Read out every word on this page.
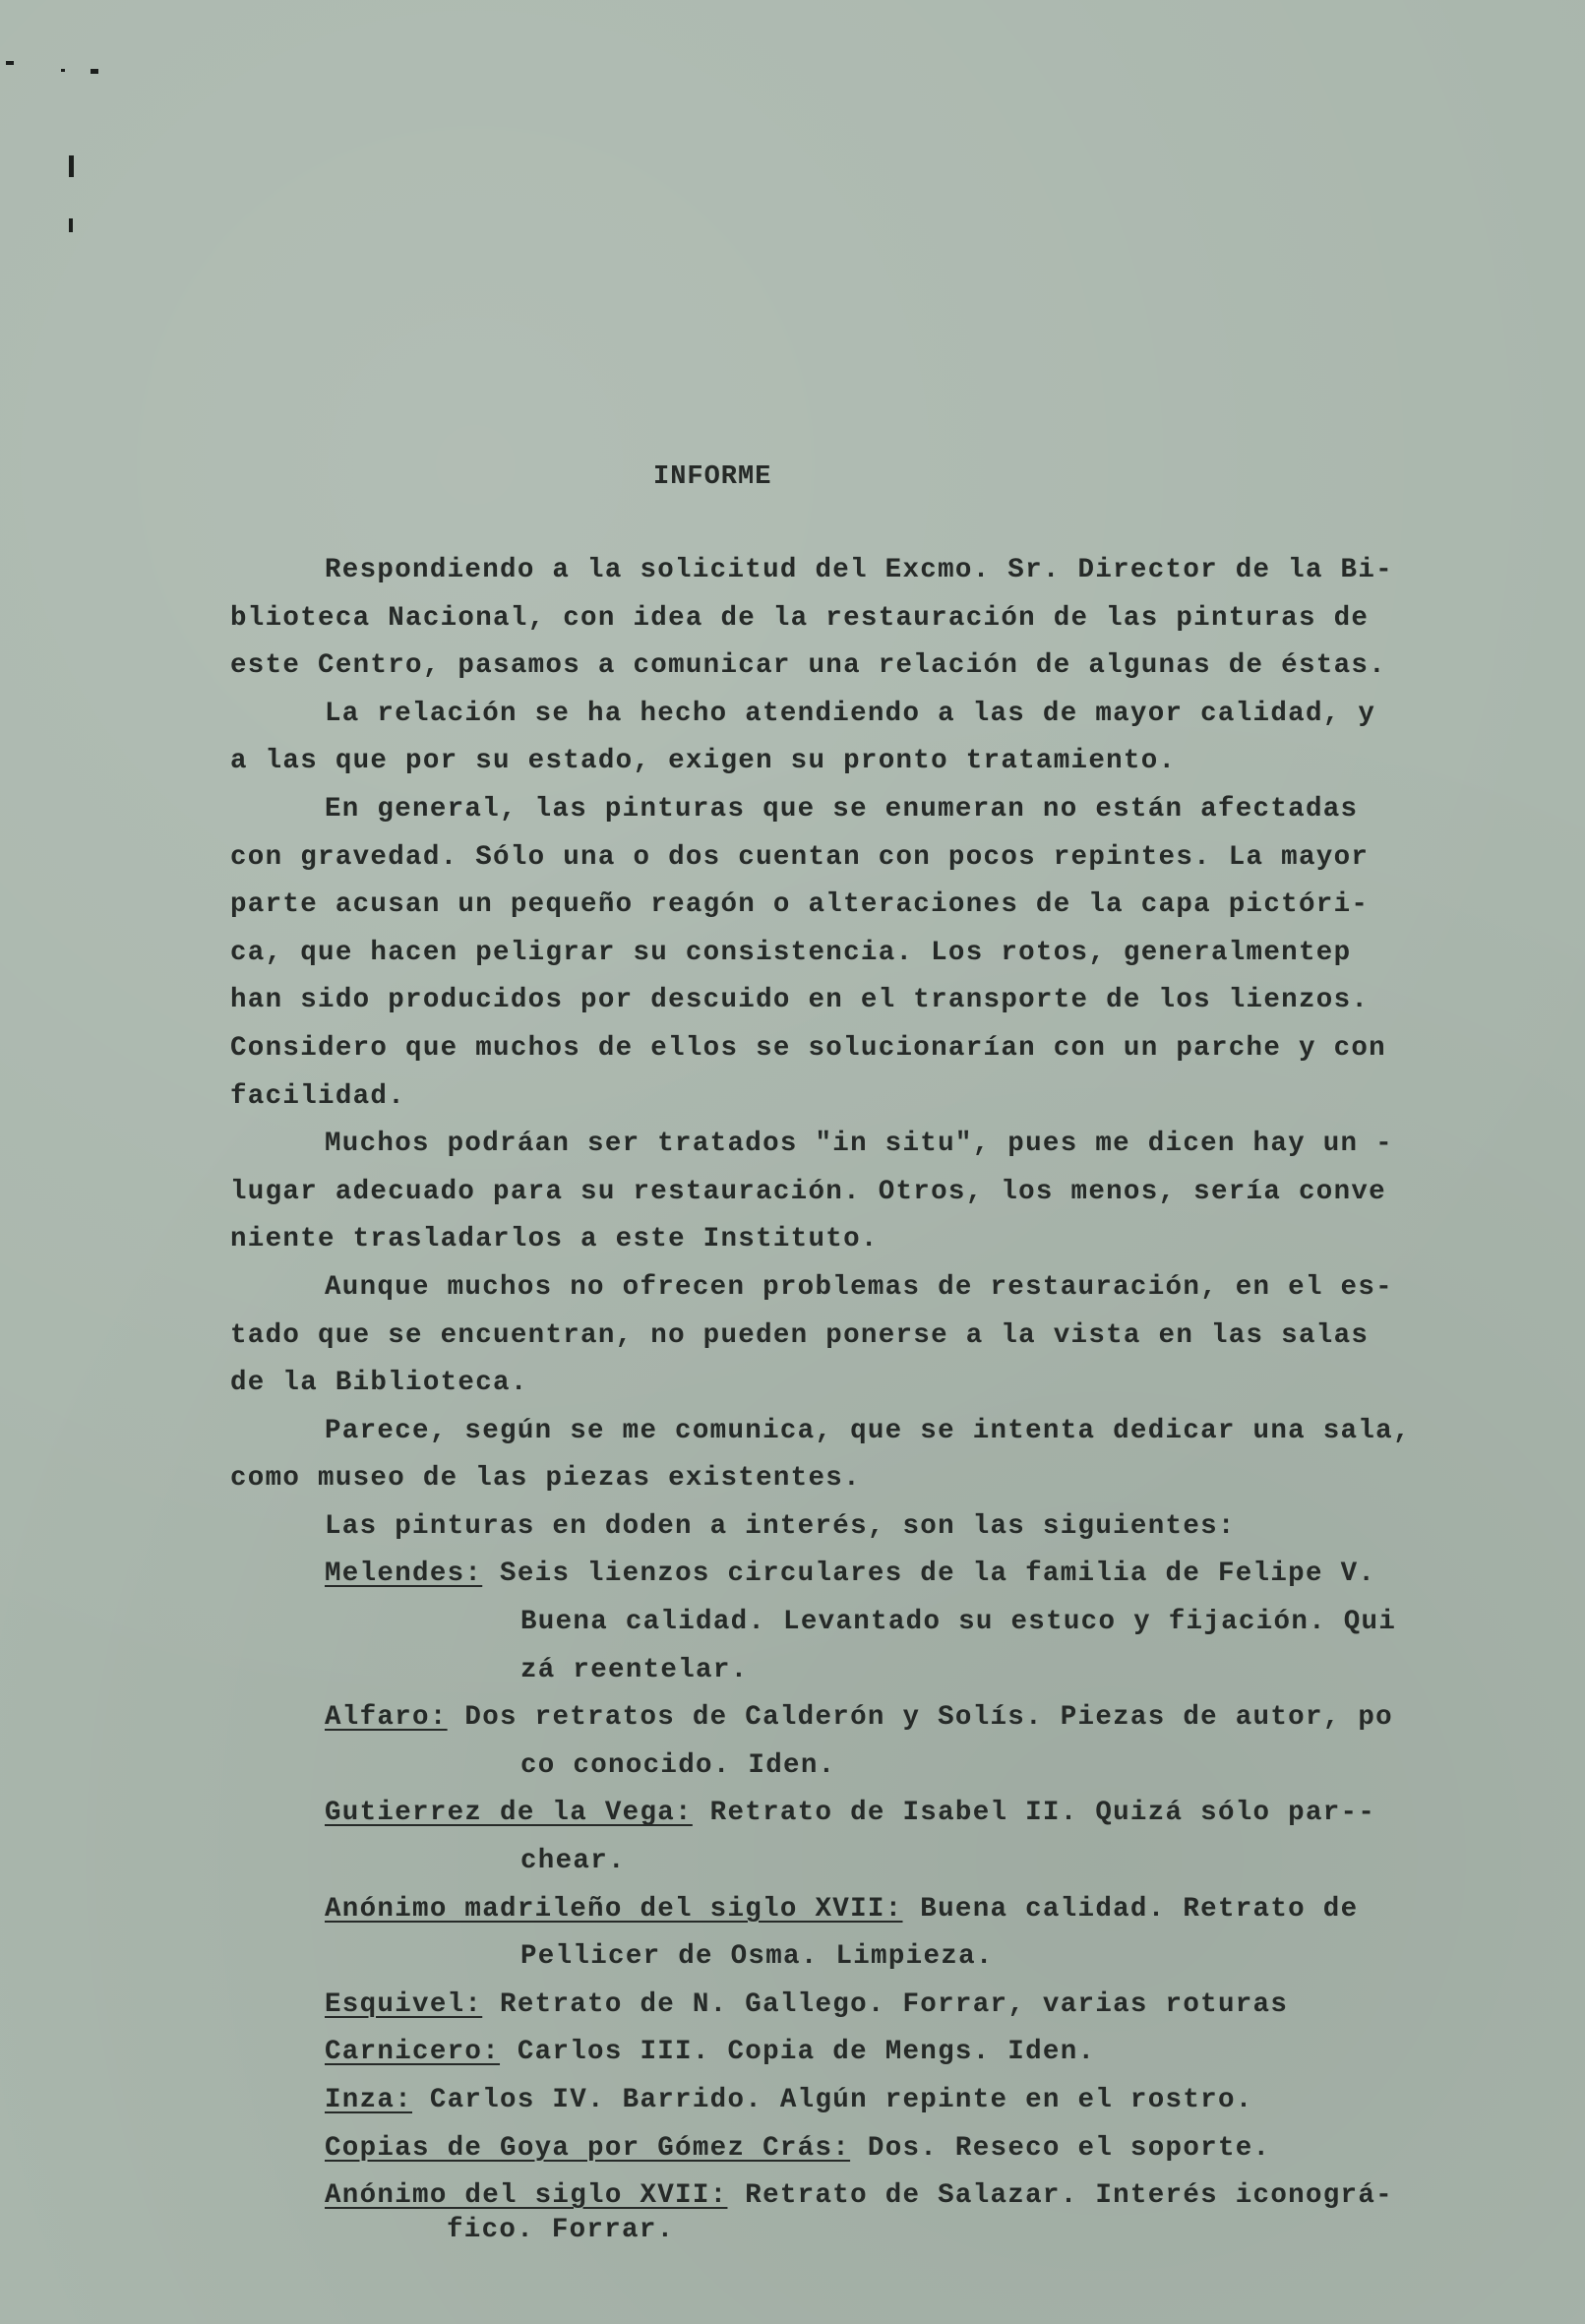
INFORME
Respondiendo a la solicitud del Excmo. Sr. Director de la Bi-
blioteca Nacional, con idea de la restauración de las pinturas de
este Centro, pasamos a comunicar una relación de algunas de éstas.
La relación se ha hecho atendiendo a las de mayor calidad, y
a las que por su estado, exigen su pronto tratamiento.
En general, las pinturas que se enumeran no están afectadas
con gravedad. Sólo una o dos cuentan con pocos repintes. La mayor
parte acusan un pequeño reagón o alteraciones de la capa pictóri-
ca, que hacen peligrar su consistencia. Los rotos, generalmentep
han sido producidos por descuido en el transporte de los lienzos.
Considero que muchos de ellos se solucionarían con un parche y con
facilidad.
Muchos podráan ser tratados "in situ", pues me dicen hay un -
lugar adecuado para su restauración. Otros, los menos, sería conve
niente trasladarlos a este Instituto.
Aunque muchos no ofrecen problemas de restauración, en el es-
tado que se encuentran, no pueden ponerse a la vista en las salas
de la Biblioteca.
Parece, según se me comunica, que se intenta dedicar una sala,
como museo de las piezas existentes.
Las pinturas en doden a interés, son las siguientes:
Melendes: Seis lienzos circulares de la familia de Felipe V.
Buena calidad. Levantado su estuco y fijación. Qui
zá reentelar.
Alfaro: Dos retratos de Calderón y Solís. Piezas de autor, po
co conocido. Iden.
Gutierrez de la Vega: Retrato de Isabel II. Quizá sólo par--
chear.
Anónimo madrileño del siglo XVII: Buena calidad. Retrato de
Pellicer de Osma. Limpieza.
Esquivel: Retrato de N. Gallego. Forrar, varias roturas
Carnicero: Carlos III. Copia de Mengs. Iden.
Inza: Carlos IV. Barrido. Algún repinte en el rostro.
Copias de Goya por Gómez Crás: Dos. Reseco el soporte.
Anónimo del siglo XVII: Retrato de Salazar. Interés iconográ-
fico. Forrar.
